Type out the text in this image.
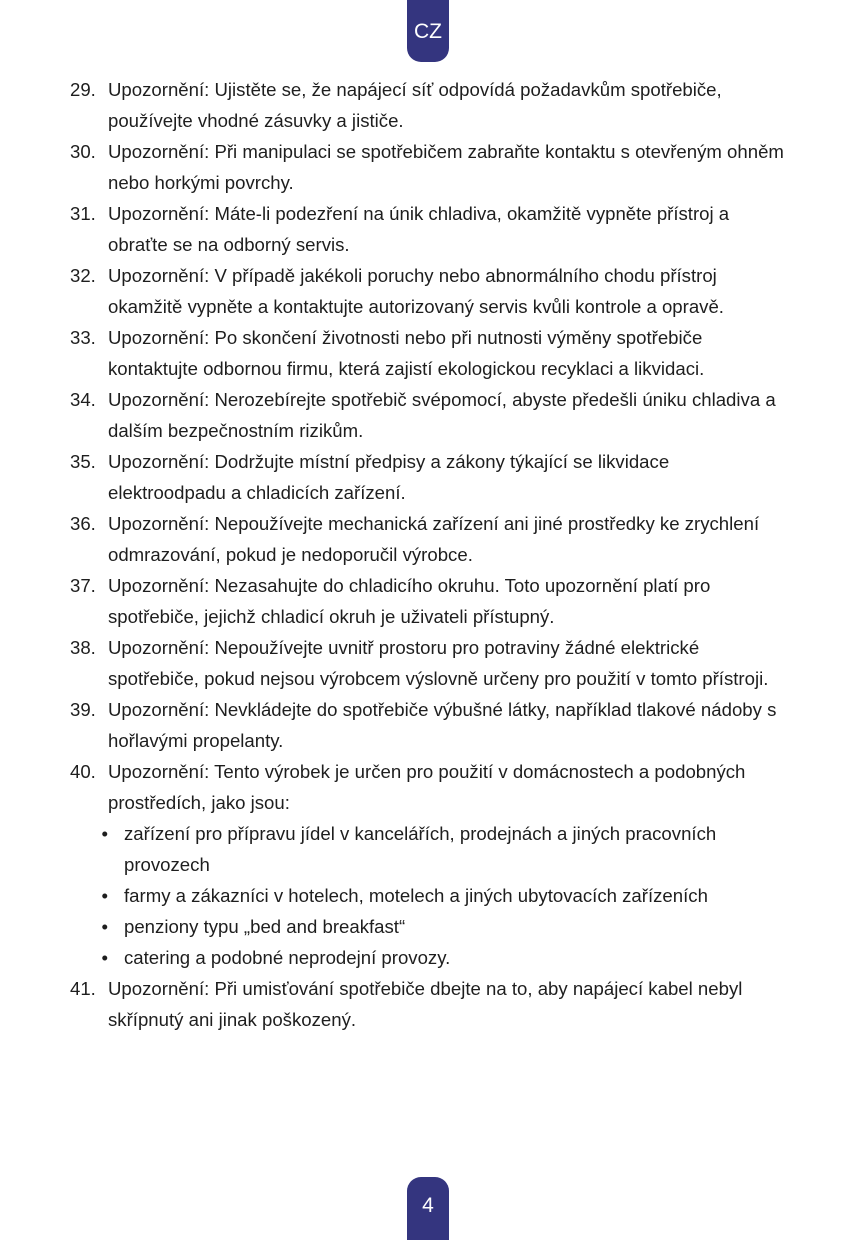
CZ
29. Upozornění: Ujistěte se, že napájecí síť odpovídá požadavkům spotřebiče, používejte vhodné zásuvky a jističe.
30. Upozornění: Při manipulaci se spotřebičem zabraňte kontaktu s otevřeným ohněm nebo horkými povrchy.
31. Upozornění: Máte-li podezření na únik chladiva, okamžitě vypněte přístroj a obraťte se na odborný servis.
32. Upozornění: V případě jakékoli poruchy nebo abnormálního chodu přístroj okamžitě vypněte a kontaktujte autorizovaný servis kvůli kontrole a opravě.
33. Upozornění: Po skončení životnosti nebo při nutnosti výměny spotřebiče kontaktujte odbornou firmu, která zajistí ekologickou recyklaci a likvidaci.
34. Upozornění: Nerozebírejte spotřebič svépomocí, abyste předešli úniku chladiva a dalším bezpečnostním rizikům.
35. Upozornění: Dodržujte místní předpisy a zákony týkající se likvidace elektroodpadu a chladicích zařízení.
36. Upozornění: Nepoužívejte mechanická zařízení ani jiné prostředky ke zrychlení odmrazování, pokud je nedoporučil výrobce.
37. Upozornění: Nezasahujte do chladicího okruhu. Toto upozornění platí pro spotřebiče, jejichž chladicí okruh je uživateli přístupný.
38. Upozornění: Nepoužívejte uvnitř prostoru pro potraviny žádné elektrické spotřebiče, pokud nejsou výrobcem výslovně určeny pro použití v tomto přístroji.
39. Upozornění: Nevkládejte do spotřebiče výbušné látky, například tlakové nádoby s hořlavými propelanty.
40. Upozornění: Tento výrobek je určen pro použití v domácnostech a podobných prostředích, jako jsou:
• zařízení pro přípravu jídel v kancelářích, prodejnách a jiných pracovních provozech
• farmy a zákazníci v hotelech, motelech a jiných ubytovacích zařízeních
• penziony typu „bed and breakfast“
• catering a podobné neprodejní provozy.
41. Upozornění: Při umisťování spotřebiče dbejte na to, aby napájecí kabel nebyl skřípnutý ani jinak poškozený.
4
